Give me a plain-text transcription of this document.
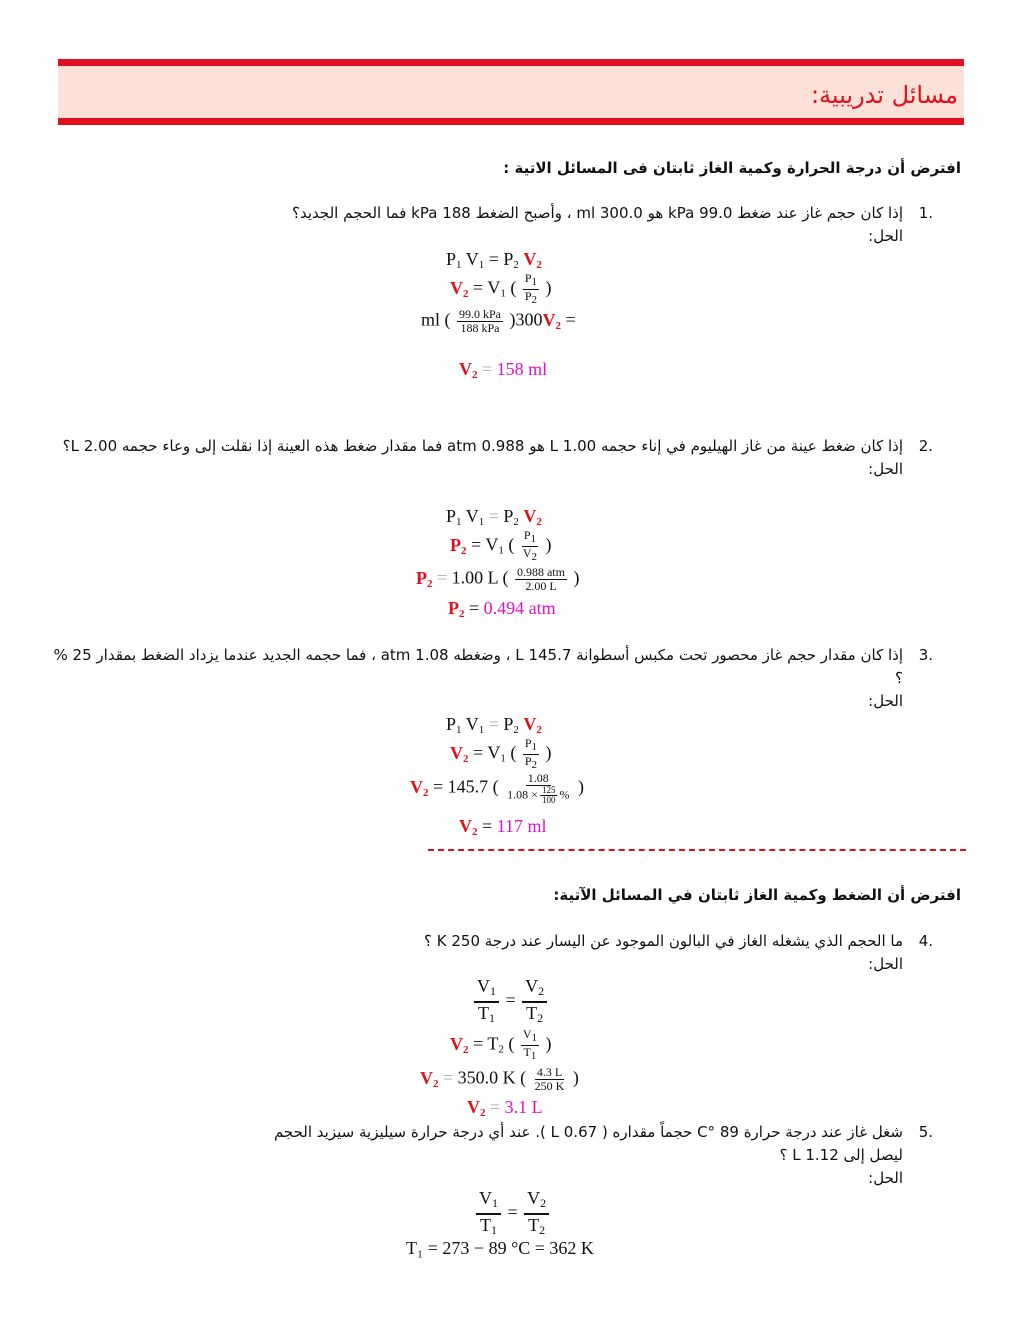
مسائل تدريبية:
افترض أن درجة الحرارة وكمية الغاز ثابتان فى المسائل الاتية :
1.
إذا كان حجم غاز عند ضغط 99.0 kPa هو 300.0 ml ، وأصبح الضغط 188 kPa فما الحجم الجديد؟
الحل:
$P_1$ $V_1 = P_2$ $V_2$
$V_2 = V_1$ ( $\frac{P_1}{P_2}$ )
ml ( $\frac{\text{99.0 kPa}}{\text{188 kPa}} )300V_2$ =
$V_2 = 158$ ml
2.
إذا كان ضغط عينة من غاز الهيليوم في إناء حجمه 1.00 L هو 0.988 atm فما مقدار ضغط هذه العينة إذا نقلت إلى وعاء حجمه 2.00 L؟
الحل:
$P_1$ $V_1 = P_2$ $V_2$
$P_2 = V_1$ ( $\frac{P_1}{V_2}$ )
$P_2 = 1.00$ L ( $\frac{\text{0.988 atm}}{2.00 L}$ )
$P_2 = 0.494$ atm
3.
إذا كان مقدار حجم غاز محصور تحت مكبس أسطوانة 145.7 L ، وضغطه 1.08 atm ، فما حجمه الجديد عندما يزداد الضغط بمقدار 25 % ؟
الحل:
$P_1$ $V_1 = P_2$ $V_2$
$V_2 = V_1$ ( $\frac{P_1}{P_2}$ )
$V_2 = 145.7$ ( $\frac{1.08}{1.08 \times \frac{125}{100} \%}$ )
$V_2 = 117$ ml
افترض أن الضغط وكمية الغاز ثابتان في المسائل الآتية:
4.
ما الحجم الذي يشغله الغاز في البالون الموجود عن اليسار عند درجة 250 K ؟
الحل:
$\frac{V_1}{T_1} = \frac{V_2}{T_2}$
$V_2 = T_2$ ( $\frac{V_1}{T_1}$ )
$V_2 = 350.0$ K ( $\frac{4.3 L}{250 K}$ )
$V_2 = 3.1$ L
5.
شغل غاز عند درجة حرارة 89 °C حجماً مقداره ( 0.67 L ). عند أي درجة حرارة سيليزية سيزيد الحجم ليصل إلى 1.12 L ؟
الحل:
$\frac{V_1}{T_1} = \frac{V_2}{T_2}$
T₁ = 273 − 89 °C = 362 K
